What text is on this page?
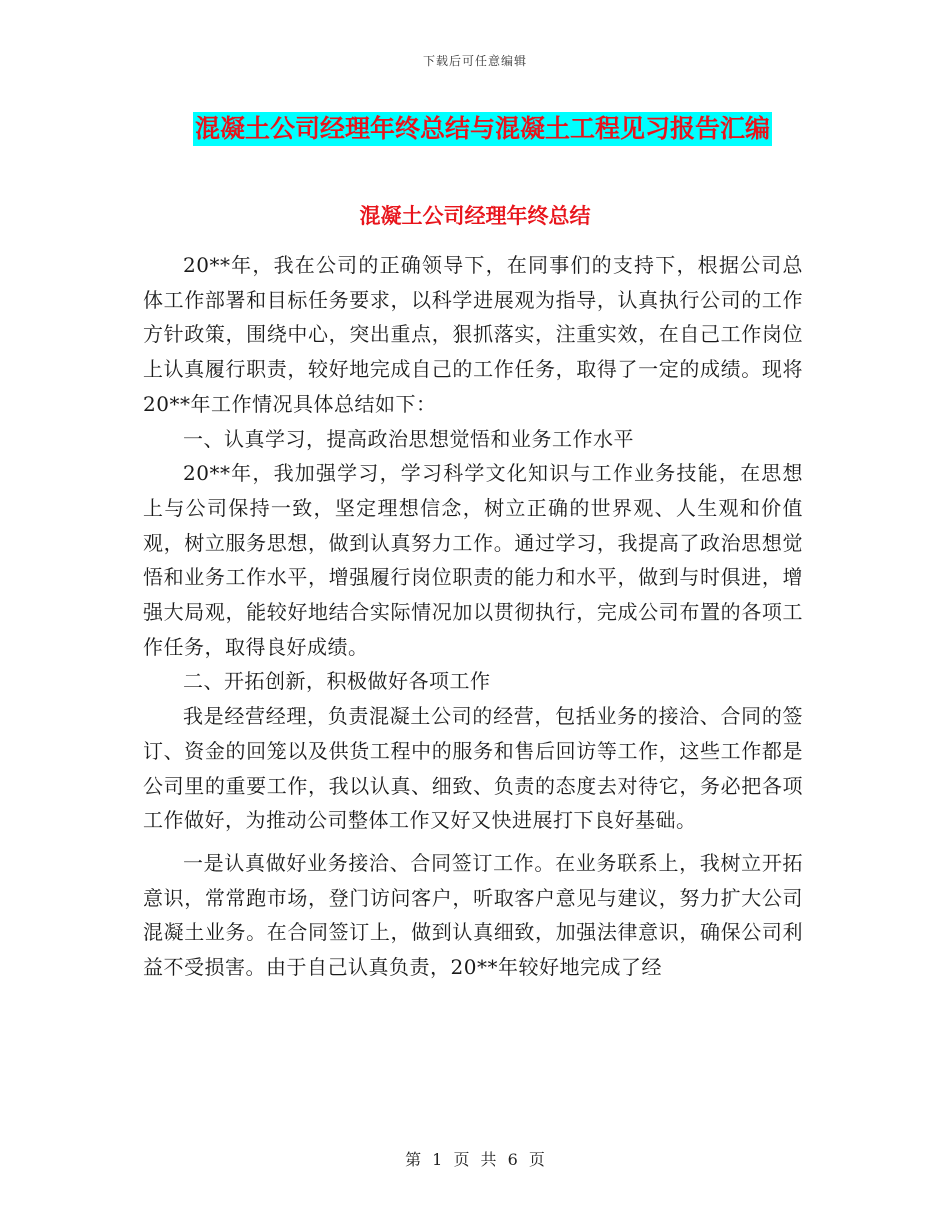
下载后可任意编辑
混凝土公司经理年终总结与混凝土工程见习报告汇编
混凝土公司经理年终总结

20**年，我在公司的正确领导下，在同事们的支持下，根据公司总体工作部署和目标任务要求，以科学进展观为指导，认真执行公司的工作方针政策，围绕中心，突出重点，狠抓落实，注重实效，在自己工作岗位上认真履行职责，较好地完成自己的工作任务，取得了一定的成绩。现将20**年工作情况具体总结如下：

一、认真学习，提高政治思想觉悟和业务工作水平

20**年，我加强学习，学习科学文化知识与工作业务技能，在思想上与公司保持一致，坚定理想信念，树立正确的世界观、人生观和价值观，树立服务思想，做到认真努力工作。通过学习，我提高了政治思想觉悟和业务工作水平，增强履行岗位职责的能力和水平，做到与时俱进，增强大局观，能较好地结合实际情况加以贯彻执行，完成公司布置的各项工作任务，取得良好成绩。

二、开拓创新，积极做好各项工作

我是经营经理，负责混凝土公司的经营，包括业务的接洽、合同的签订、资金的回笼以及供货工程中的服务和售后回访等工作，这些工作都是公司里的重要工作，我以认真、细致、负责的态度去对待它，务必把各项工作做好，为推动公司整体工作又好又快进展打下良好基础。

一是认真做好业务接洽、合同签订工作。在业务联系上，我树立开拓意识，常常跑市场，登门访问客户，听取客户意见与建议，努力扩大公司混凝土业务。在合同签订上，做到认真细致，加强法律意识，确保公司利益不受损害。由于自己认真负责，20**年较好地完成了经

第 1 页 共 6 页
